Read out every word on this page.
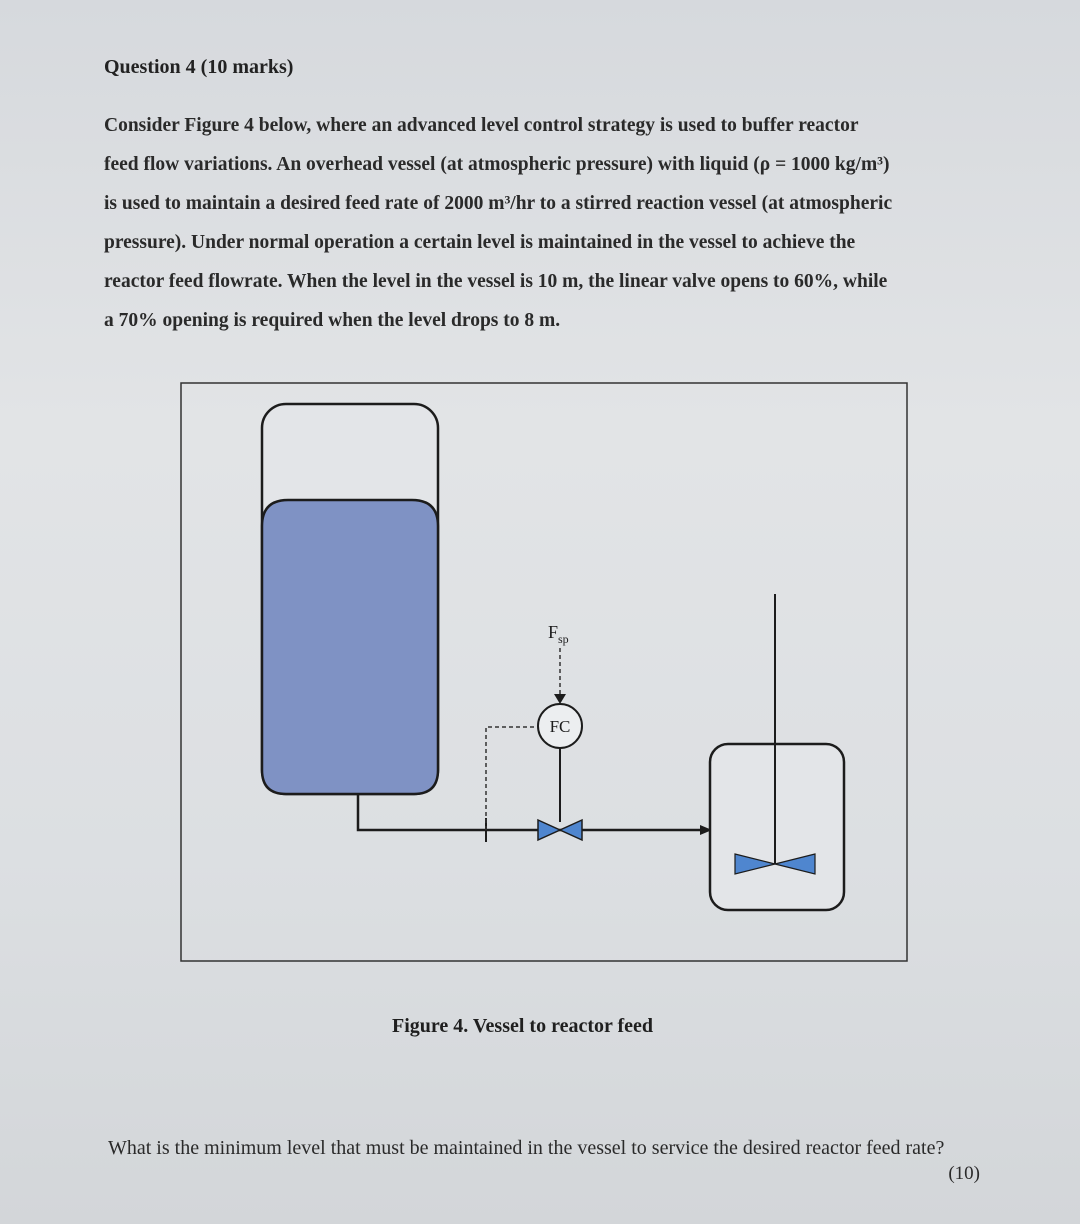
Question 4 (10 marks)

Consider Figure 4 below, where an advanced level control strategy is used to buffer reactor

feed flow variations. An overhead vessel (at atmospheric pressure) with liquid (ρ = 1000 kg/m³)

is used to maintain a desired feed rate of 2000 m³/hr to a stirred reaction vessel (at atmospheric

pressure). Under normal operation a certain level is maintained in the vessel to achieve the

reactor feed flowrate. When the level in the vessel is 10 m, the linear valve opens to 60%, while

a 70% opening is required when the level drops to 8 m.

$F_{sp}$
FC
Figure 4. Vessel to reactor feed

What is the minimum level that must be maintained in the vessel to service the desired reactor feed rate?

(10)
